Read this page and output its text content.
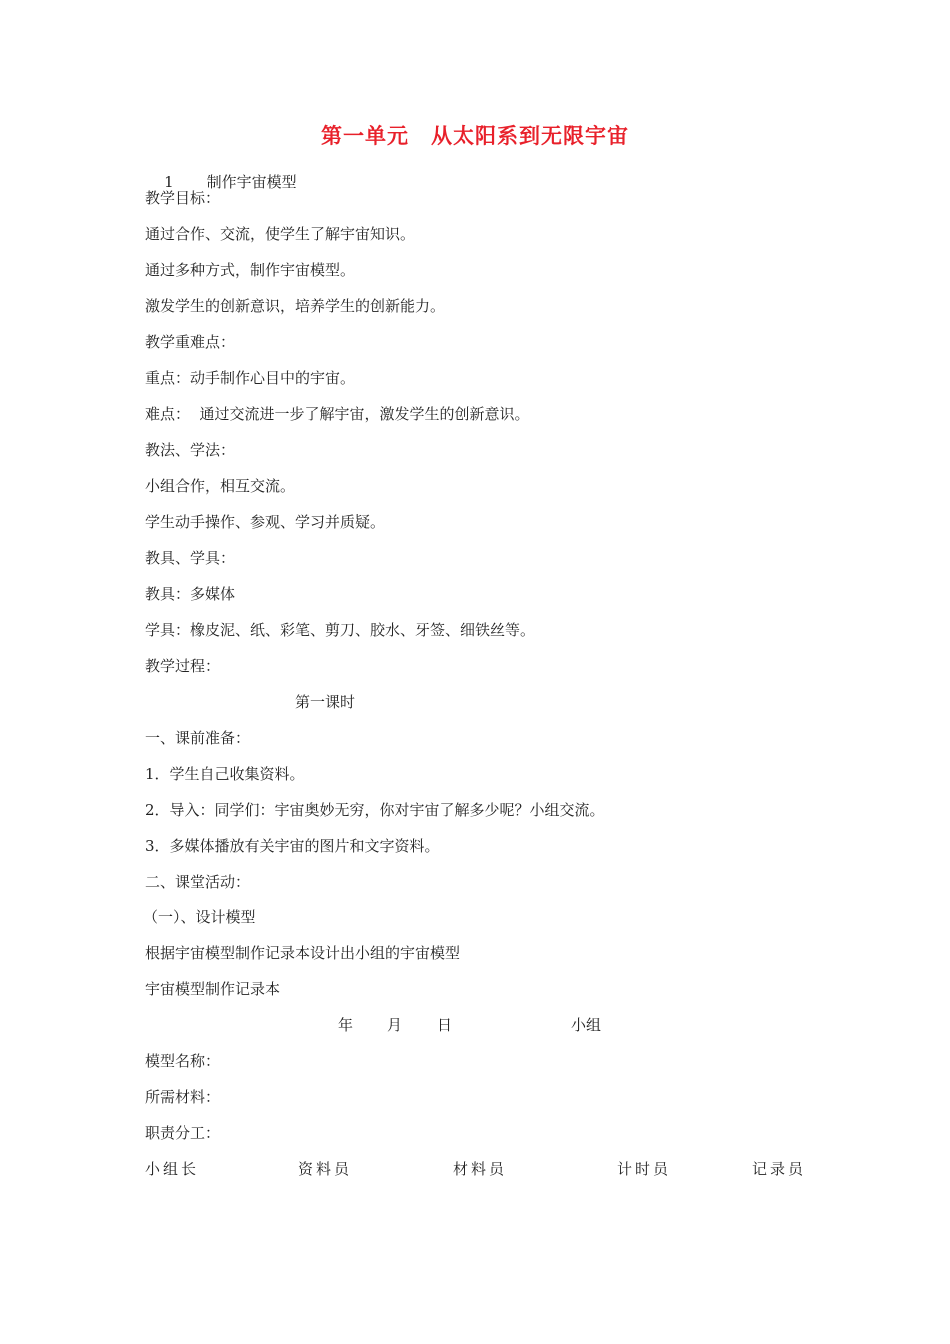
第一单元　从太阳系到无限宇宙

1 制作宇宙模型

教学目标：
通过合作、交流，使学生了解宇宙知识。
通过多种方式，制作宇宙模型。
激发学生的创新意识，培养学生的创新能力。
教学重难点：
重点：动手制作心目中的宇宙。
难点：  通过交流进一步了解宇宙，激发学生的创新意识。
教法、学法：
小组合作，相互交流。
学生动手操作、参观、学习并质疑。
教具、学具：
教具：多媒体
学具：橡皮泥、纸、彩笔、剪刀、胶水、牙签、细铁丝等。
教学过程：
第一课时
一、课前准备：
1．学生自己收集资料。
2．导入：同学们：宇宙奥妙无穷，你对宇宙了解多少呢？小组交流。
3．多媒体播放有关宇宙的图片和文字资料。
二、课堂活动：
（一）、设计模型
根据宇宙模型制作记录本设计出小组的宇宙模型
宇宙模型制作记录本
年 月 日	小组
模型名称：
所需材料：
职责分工：
小组长	资料员	材料员	计时员	记录员
